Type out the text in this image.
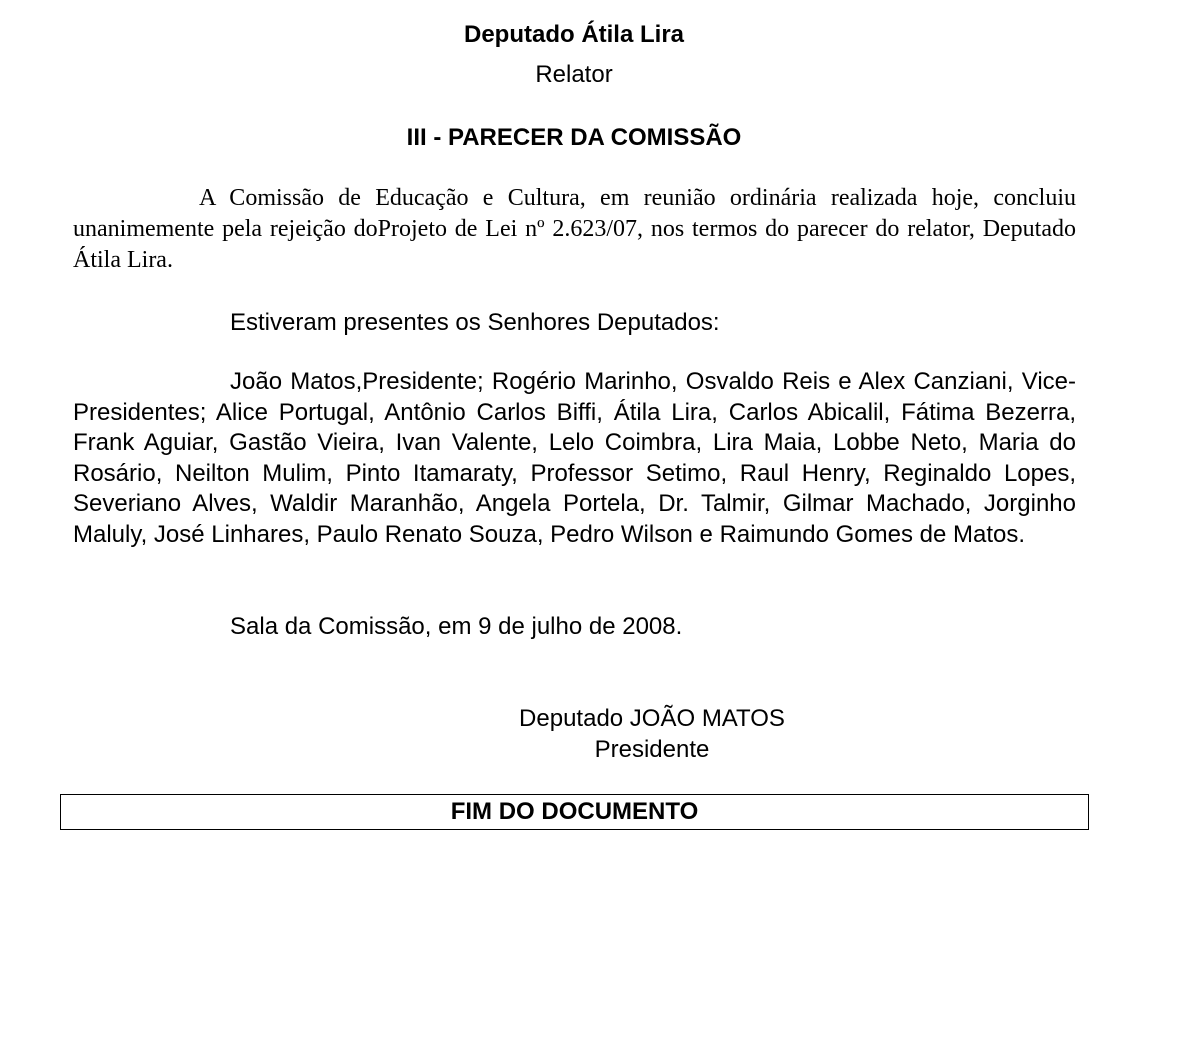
Deputado Átila Lira
Relator
III - PARECER DA COMISSÃO

A Comissão de Educação e Cultura, em reunião ordinária realizada hoje, concluiu unanimemente pela rejeição doProjeto de Lei nº 2.623/07, nos termos do parecer do relator, Deputado Átila Lira.

Estiveram presentes os Senhores Deputados:

João Matos,Presidente; Rogério Marinho, Osvaldo Reis e Alex Canziani, Vice-Presidentes; Alice Portugal, Antônio Carlos Biffi, Átila Lira, Carlos Abicalil, Fátima Bezerra, Frank Aguiar, Gastão Vieira, Ivan Valente, Lelo Coimbra, Lira Maia, Lobbe Neto, Maria do Rosário, Neilton Mulim, Pinto Itamaraty, Professor Setimo, Raul Henry, Reginaldo Lopes, Severiano Alves, Waldir Maranhão, Angela Portela, Dr. Talmir, Gilmar Machado, Jorginho Maluly, José Linhares, Paulo Renato Souza, Pedro Wilson e Raimundo Gomes de Matos.

Sala da Comissão, em 9 de julho de 2008.
Deputado JOÃO MATOS
Presidente
FIM DO DOCUMENTO
